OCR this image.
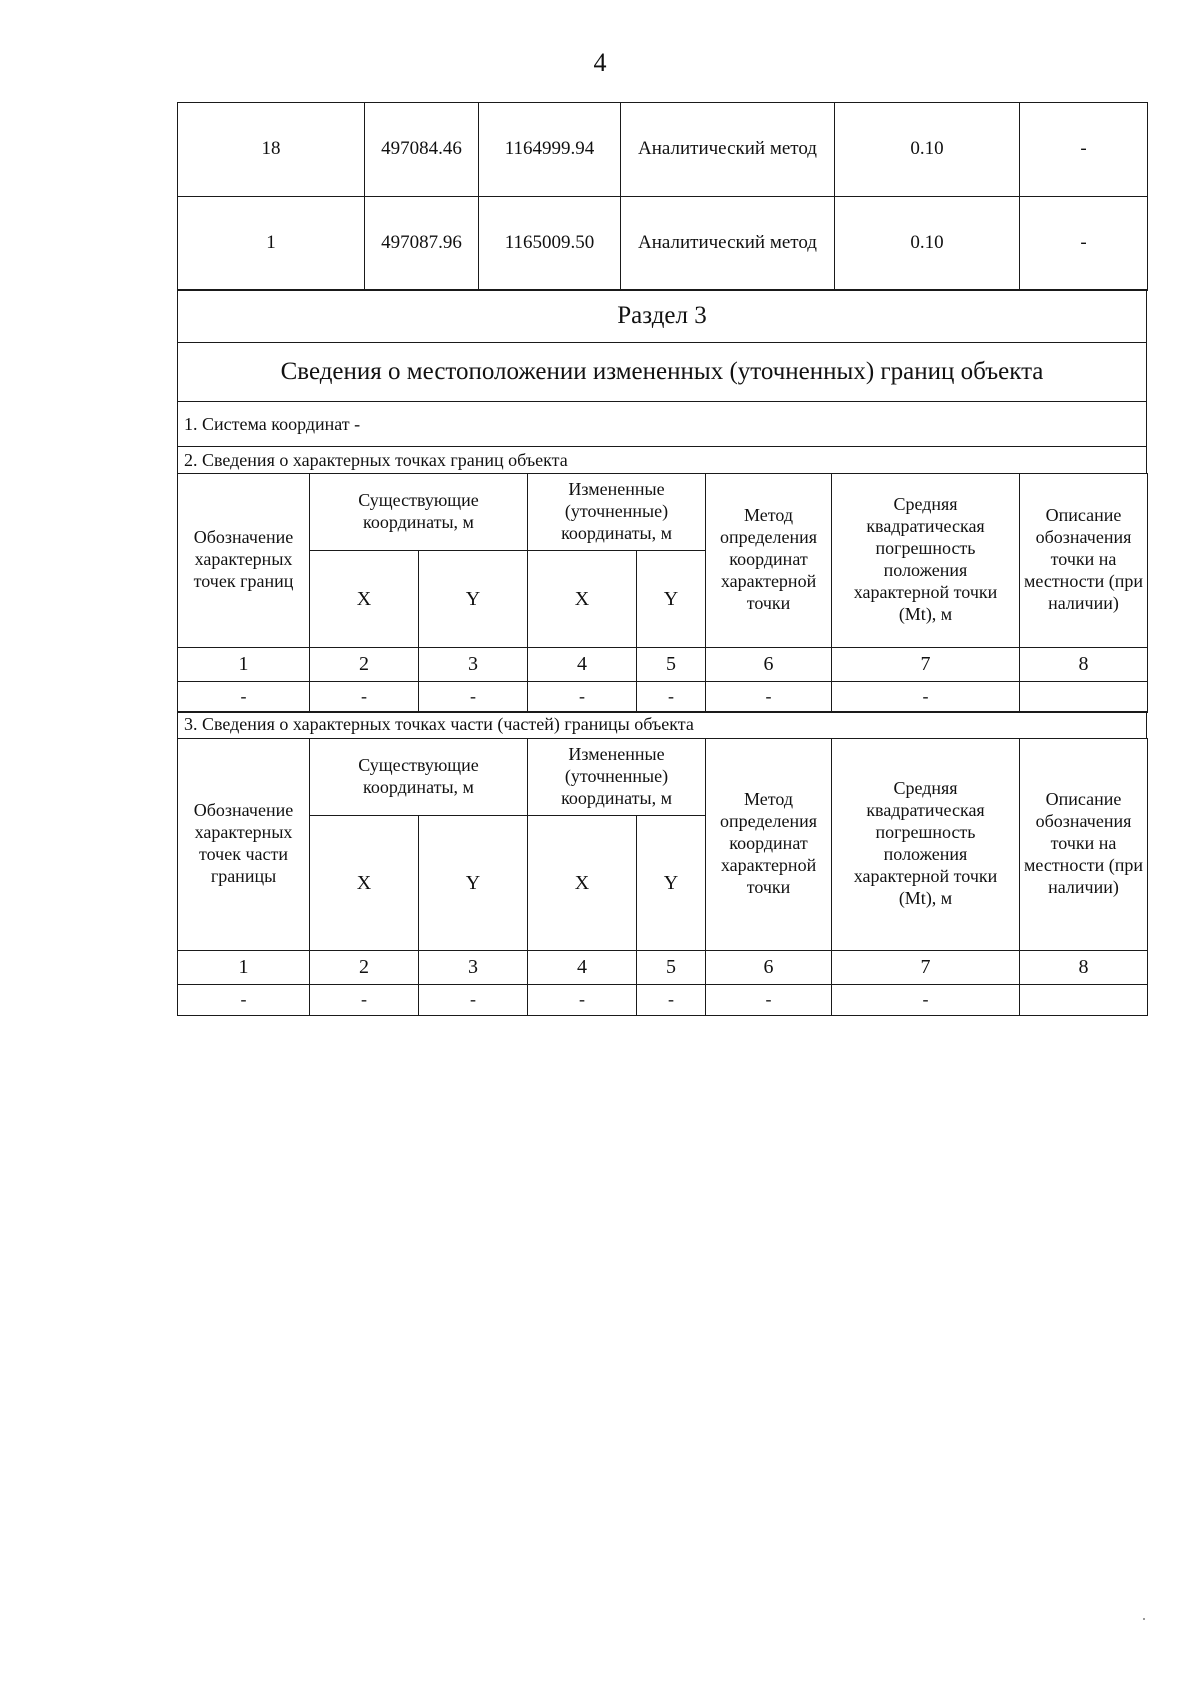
4
18	497084.46	1164999.94	Аналитический метод	0.10	-
1	497087.96	1165009.50	Аналитический метод	0.10	-
Раздел 3
Сведения о местоположении измененных (уточненных) границ объекта
1. Система координат -
2. Сведения о характерных точках границ объекта
Обозначение характерных точек границ	Существующие координаты, м		Измененные (уточненные) координаты, м		Метод определения координат характерной точки	Средняя квадратическая погрешность положения характерной точки (Mt), м	Описание обозначения точки на местности (при наличии)
	X	Y	X	Y			
1	2	3	4	5	6	7	8
-	-	-	-	-	-	-	
3. Сведения о характерных точках части (частей) границы объекта
Обозначение характерных точек части границы	Существующие координаты, м		Измененные (уточненные) координаты, м		Метод определения координат характерной точки	Средняя квадратическая погрешность положения характерной точки (Mt), м	Описание обозначения точки на местности (при наличии)
	X	Y	X	Y			
1	2	3	4	5	6	7	8
-	-	-	-	-	-	-	
